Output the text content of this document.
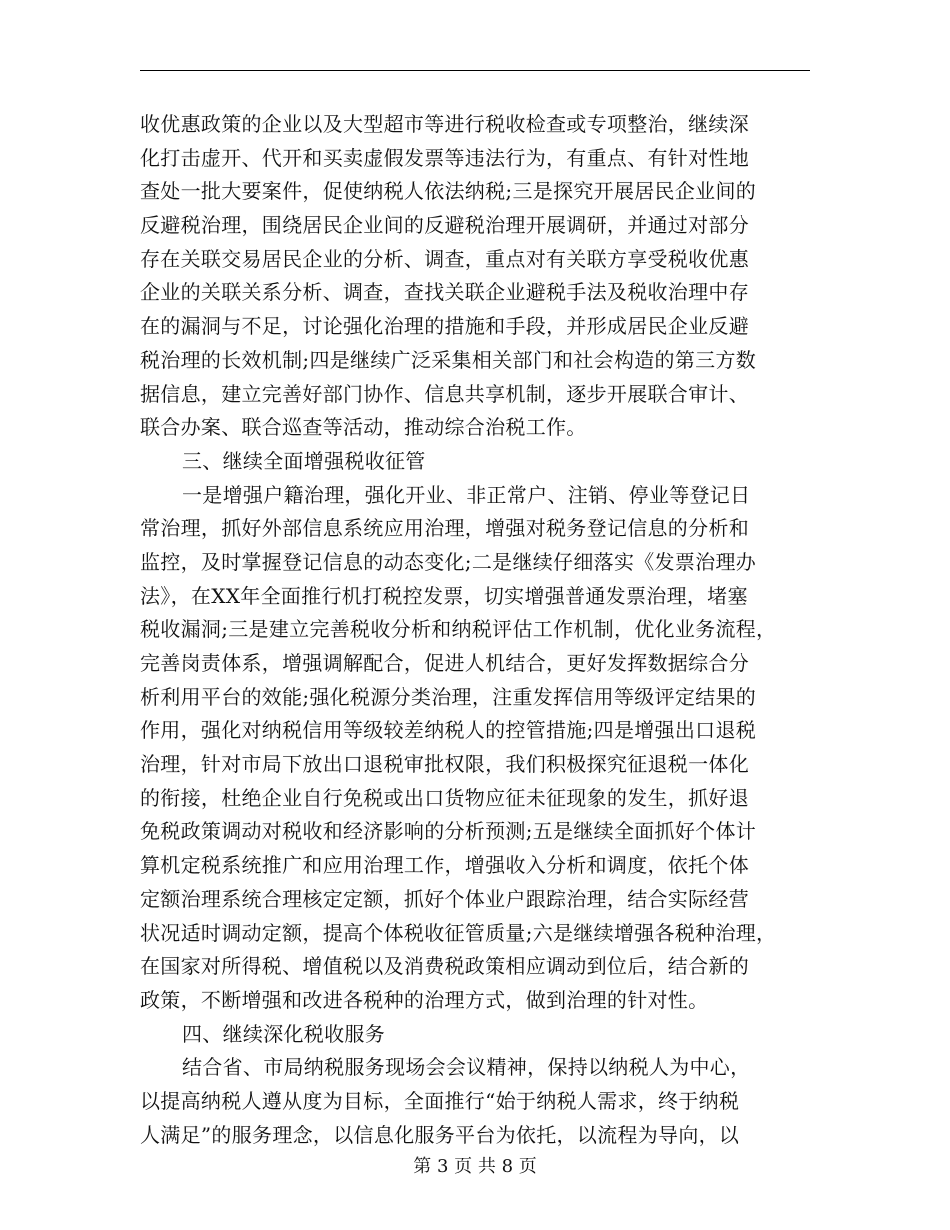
收优惠政策的企业以及大型超市等进行税收检查或专项整治，继续深
化打击虚开、代开和买卖虚假发票等违法行为，有重点、有针对性地
查处一批大要案件，促使纳税人依法纳税;三是探究开展居民企业间的
反避税治理，围绕居民企业间的反避税治理开展调研，并通过对部分
存在关联交易居民企业的分析、调查，重点对有关联方享受税收优惠
企业的关联关系分析、调查，查找关联企业避税手法及税收治理中存
在的漏洞与不足，讨论强化治理的措施和手段，并形成居民企业反避
税治理的长效机制;四是继续广泛采集相关部门和社会构造的第三方数
据信息，建立完善好部门协作、信息共享机制，逐步开展联合审计、
联合办案、联合巡查等活动，推动综合治税工作。
三、继续全面增强税收征管
一是增强户籍治理，强化开业、非正常户、注销、停业等登记日
常治理，抓好外部信息系统应用治理，增强对税务登记信息的分析和
监控，及时掌握登记信息的动态变化;二是继续仔细落实《发票治理办
法》，在XX年全面推行机打税控发票，切实增强普通发票治理，堵塞
税收漏洞;三是建立完善税收分析和纳税评估工作机制，优化业务流程，
完善岗责体系，增强调解配合，促进人机结合，更好发挥数据综合分
析利用平台的效能;强化税源分类治理，注重发挥信用等级评定结果的
作用，强化对纳税信用等级较差纳税人的控管措施;四是增强出口退税
治理，针对市局下放出口退税审批权限，我们积极探究征退税一体化
的衔接，杜绝企业自行免税或出口货物应征未征现象的发生，抓好退
免税政策调动对税收和经济影响的分析预测;五是继续全面抓好个体计
算机定税系统推广和应用治理工作，增强收入分析和调度，依托个体
定额治理系统合理核定定额，抓好个体业户跟踪治理，结合实际经营
状况适时调动定额，提高个体税收征管质量;六是继续增强各税种治理，
在国家对所得税、增值税以及消费税政策相应调动到位后，结合新的
政策，不断增强和改进各税种的治理方式，做到治理的针对性。
四、继续深化税收服务
结合省、市局纳税服务现场会会议精神，保持以纳税人为中心，
以提高纳税人遵从度为目标，全面推行“始于纳税人需求，终于纳税
人满足”的服务理念，以信息化服务平台为依托，以流程为导向，以
第 3 页 共 8 页
